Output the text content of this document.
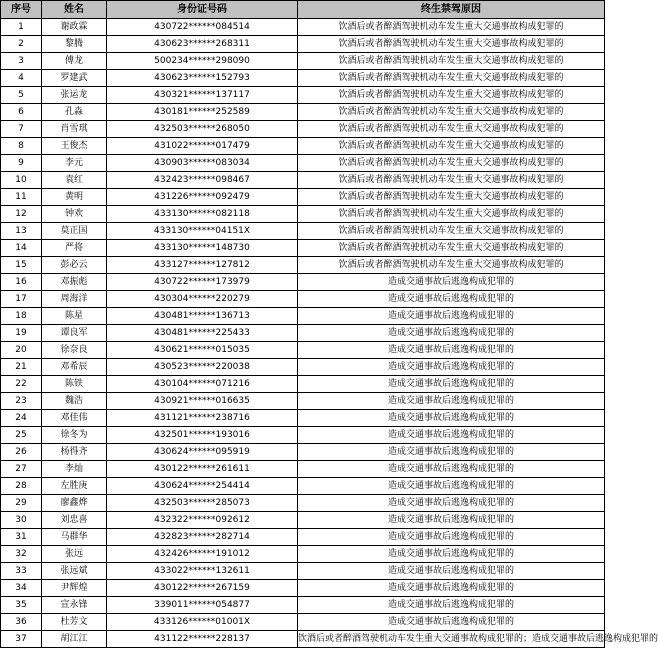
序号	姓名	身份证号码	终生禁驾原因
1	谢政霖	430722******084514	饮酒后或者醉酒驾驶机动车发生重大交通事故构成犯罪的
2	黎腾	430623******268311	饮酒后或者醉酒驾驶机动车发生重大交通事故构成犯罪的
3	傅龙	500234******298090	饮酒后或者醉酒驾驶机动车发生重大交通事故构成犯罪的
4	罗建武	430623******152793	饮酒后或者醉酒驾驶机动车发生重大交通事故构成犯罪的
5	张运龙	430321******137117	饮酒后或者醉酒驾驶机动车发生重大交通事故构成犯罪的
6	孔淼	430181******252589	饮酒后或者醉酒驾驶机动车发生重大交通事故构成犯罪的
7	肖雪琪	432503******268050	饮酒后或者醉酒驾驶机动车发生重大交通事故构成犯罪的
8	王俊杰	431022******017479	饮酒后或者醉酒驾驶机动车发生重大交通事故构成犯罪的
9	李元	430903******083034	饮酒后或者醉酒驾驶机动车发生重大交通事故构成犯罪的
10	袁红	432423******098467	饮酒后或者醉酒驾驶机动车发生重大交通事故构成犯罪的
11	黄明	431226******092479	饮酒后或者醉酒驾驶机动车发生重大交通事故构成犯罪的
12	钟欢	433130******082118	饮酒后或者醉酒驾驶机动车发生重大交通事故构成犯罪的
13	莫正国	433130******04151X	饮酒后或者醉酒驾驶机动车发生重大交通事故构成犯罪的
14	严将	433130******148730	饮酒后或者醉酒驾驶机动车发生重大交通事故构成犯罪的
15	彭必云	433127******127812	饮酒后或者醉酒驾驶机动车发生重大交通事故构成犯罪的
16	邓振彪	430722******173979	造成交通事故后逃逸构成犯罪的
17	周海洋	430304******220279	造成交通事故后逃逸构成犯罪的
18	陈星	430481******136713	造成交通事故后逃逸构成犯罪的
19	谭良军	430481******225433	造成交通事故后逃逸构成犯罪的
20	徐奈良	430621******015035	造成交通事故后逃逸构成犯罪的
21	邓希辰	430523******220038	造成交通事故后逃逸构成犯罪的
22	陈铁	430104******071216	造成交通事故后逃逸构成犯罪的
23	魏浩	430921******016635	造成交通事故后逃逸构成犯罪的
24	邓佳伟	431121******238716	造成交通事故后逃逸构成犯罪的
25	徐冬为	432501******193016	造成交通事故后逃逸构成犯罪的
26	杨得齐	430624******095919	造成交通事故后逃逸构成犯罪的
27	李灿	430122******261611	造成交通事故后逃逸构成犯罪的
28	左胜庚	430624******254414	造成交通事故后逃逸构成犯罪的
29	廖鑫烨	432503******285073	造成交通事故后逃逸构成犯罪的
30	刘忠喜	432322******092612	造成交通事故后逃逸构成犯罪的
31	马群华	432823******282714	造成交通事故后逃逸构成犯罪的
32	张远	432426******191012	造成交通事故后逃逸构成犯罪的
33	张远斌	433022******132611	造成交通事故后逃逸构成犯罪的
34	尹辉煌	430122******267159	造成交通事故后逃逸构成犯罪的
35	宣永锋	339011******054877	造成交通事故后逃逸构成犯罪的
36	杜芳文	433126******01001X	造成交通事故后逃逸构成犯罪的
37	胡江江	431122******228137	饮酒后或者醉酒驾驶机动车发生重大交通事故构成犯罪的；造成交通事故后逃逸构成犯罪的
